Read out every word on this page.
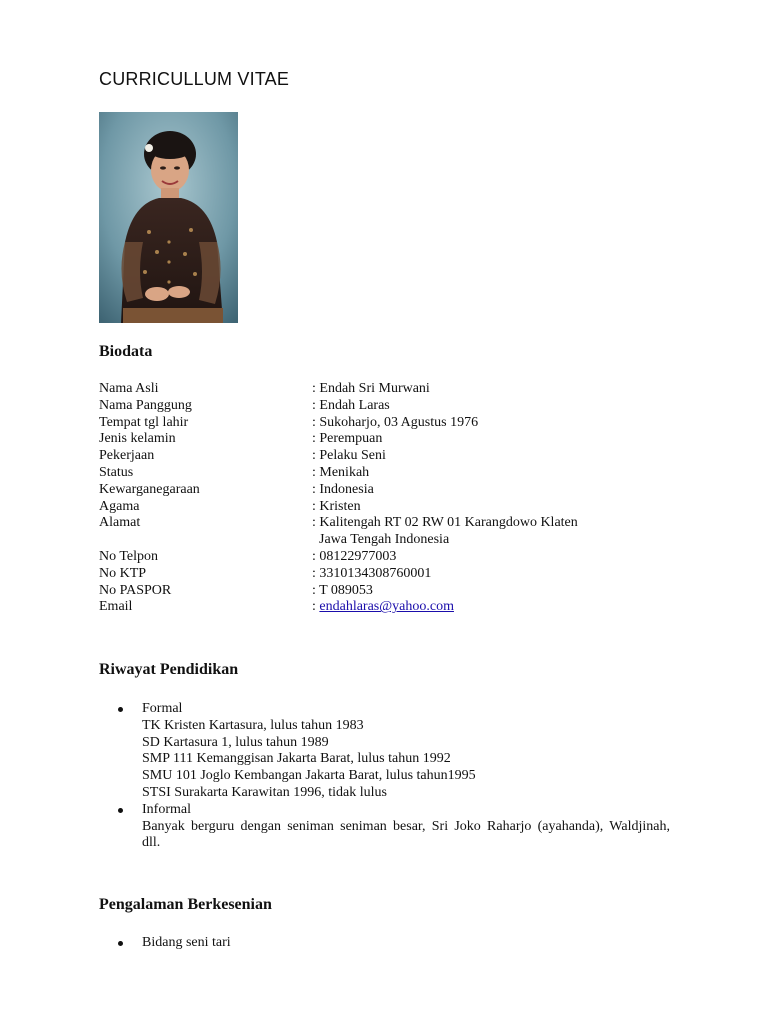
CURRICULLUM VITAE
Biodata
Nama Asli	: Endah Sri Murwani
Nama Panggung	: Endah Laras
Tempat tgl lahir	: Sukoharjo, 03 Agustus 1976
Jenis kelamin	: Perempuan
Pekerjaan	: Pelaku Seni
Status	: Menikah
Kewarganegaraan	: Indonesia
Agama	: Kristen
Alamat	: Kalitengah RT 02 RW 01 Karangdowo Klaten
Jawa Tengah Indonesia
No Telpon	: 08122977003
No KTP	: 3310134308760001
No PASPOR	: T 089053
Email	: endahlaras@yahoo.com
Riwayat Pendidikan
Formal
TK Kristen Kartasura, lulus tahun 1983
SD Kartasura 1, lulus tahun 1989
SMP 111 Kemanggisan Jakarta Barat, lulus tahun 1992
SMU 101 Joglo Kembangan Jakarta Barat, lulus tahun1995
STSI Surakarta Karawitan 1996, tidak lulus
Informal
Banyak berguru dengan seniman seniman besar, Sri Joko Raharjo (ayahanda), Waldjinah,
dll.
Pengalaman Berkesenian
Bidang seni tari
